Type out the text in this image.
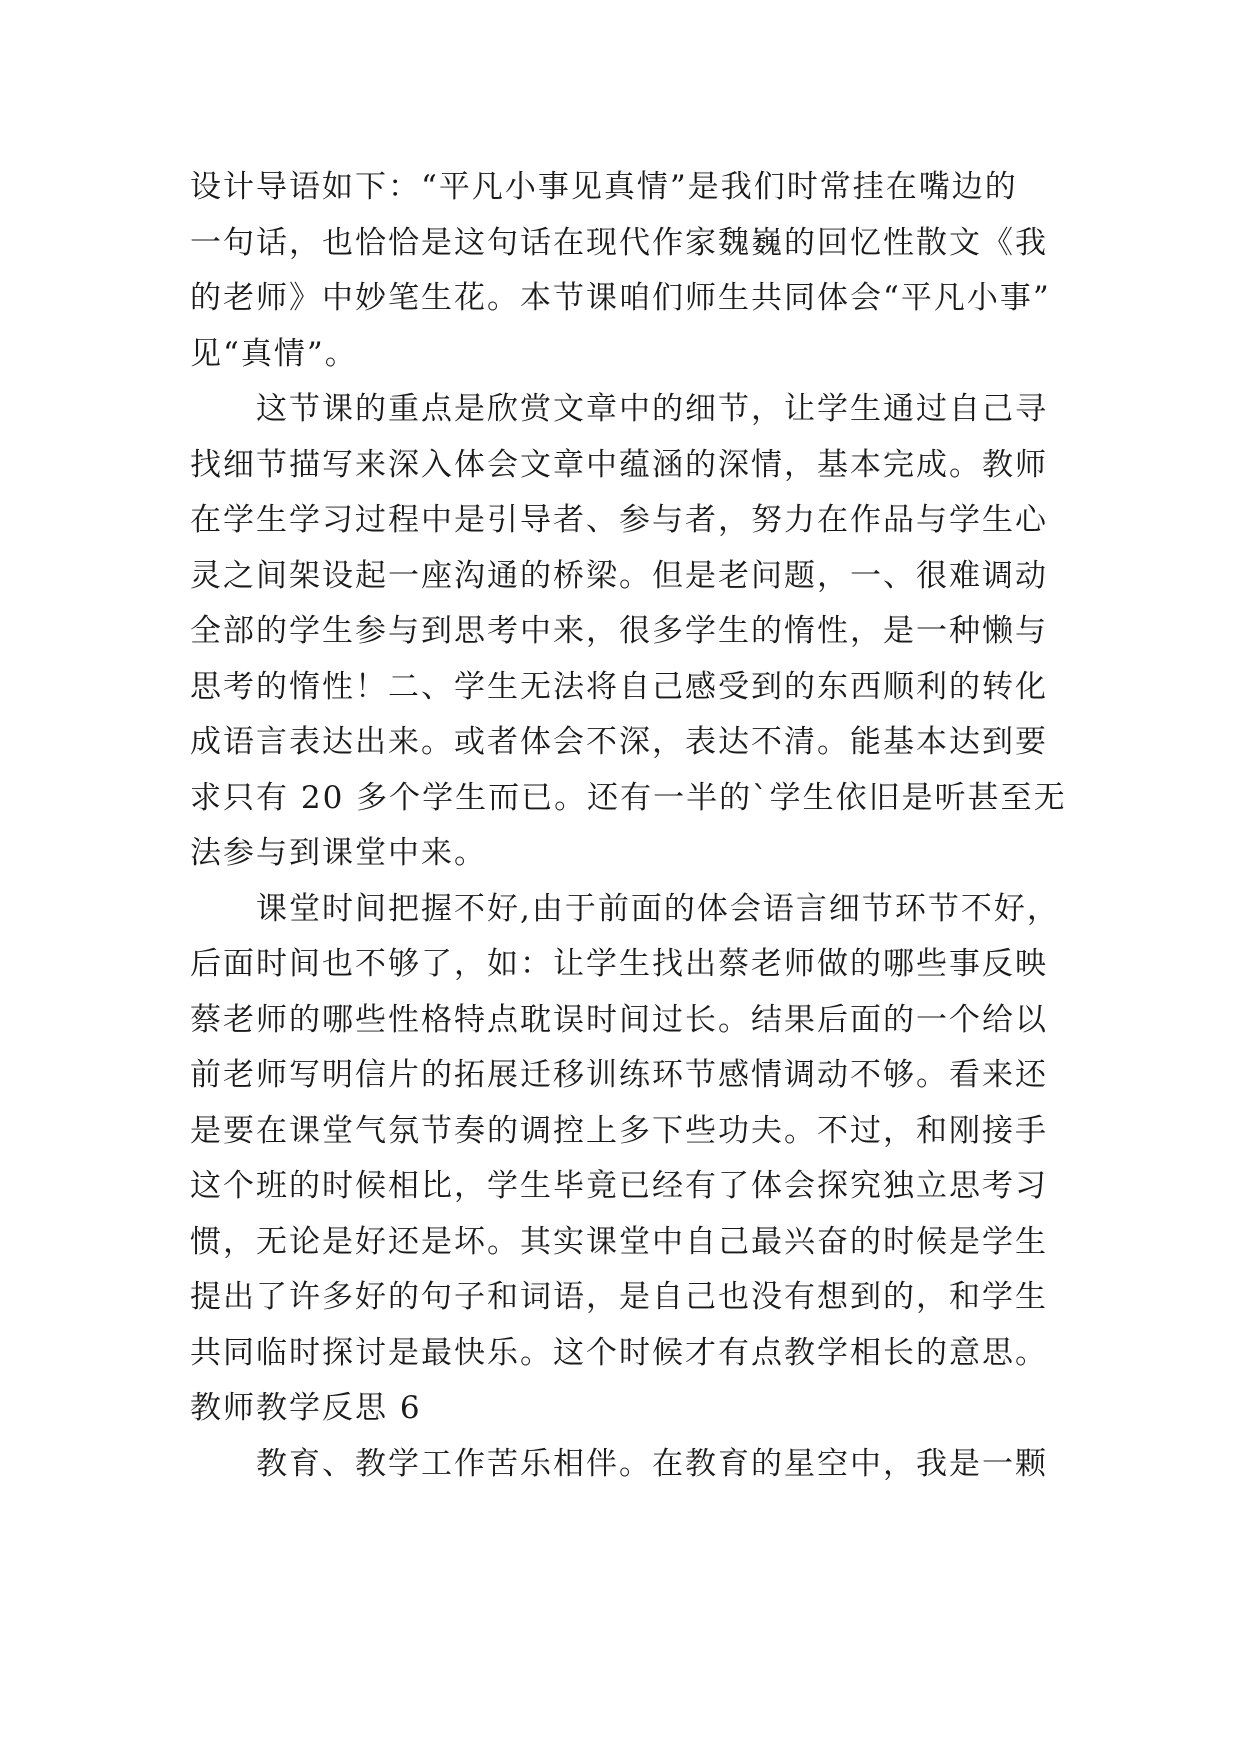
设计导语如下：“平凡小事见真情”是我们时常挂在嘴边的
一句话，也恰恰是这句话在现代作家魏巍的回忆性散文《我
的老师》中妙笔生花。本节课咱们师生共同体会“平凡小事”
见“真情”。
这节课的重点是欣赏文章中的细节，让学生通过自己寻
找细节描写来深入体会文章中蕴涵的深情，基本完成。教师
在学生学习过程中是引导者、参与者，努力在作品与学生心
灵之间架设起一座沟通的桥梁。但是老问题，一、很难调动
全部的学生参与到思考中来，很多学生的惰性，是一种懒与
思考的惰性！二、学生无法将自己感受到的东西顺利的转化
成语言表达出来。或者体会不深，表达不清。能基本达到要
求只有 20 多个学生而已。还有一半的`学生依旧是听甚至无
法参与到课堂中来。
课堂时间把握不好,由于前面的体会语言细节环节不好，
后面时间也不够了，如：让学生找出蔡老师做的哪些事反映
蔡老师的哪些性格特点耽误时间过长。结果后面的一个给以
前老师写明信片的拓展迁移训练环节感情调动不够。看来还
是要在课堂气氛节奏的调控上多下些功夫。不过，和刚接手
这个班的时候相比，学生毕竟已经有了体会探究独立思考习
惯，无论是好还是坏。其实课堂中自己最兴奋的时候是学生
提出了许多好的句子和词语，是自己也没有想到的，和学生
共同临时探讨是最快乐。这个时候才有点教学相长的意思。
教师教学反思 6
教育、教学工作苦乐相伴。在教育的星空中，我是一颗
